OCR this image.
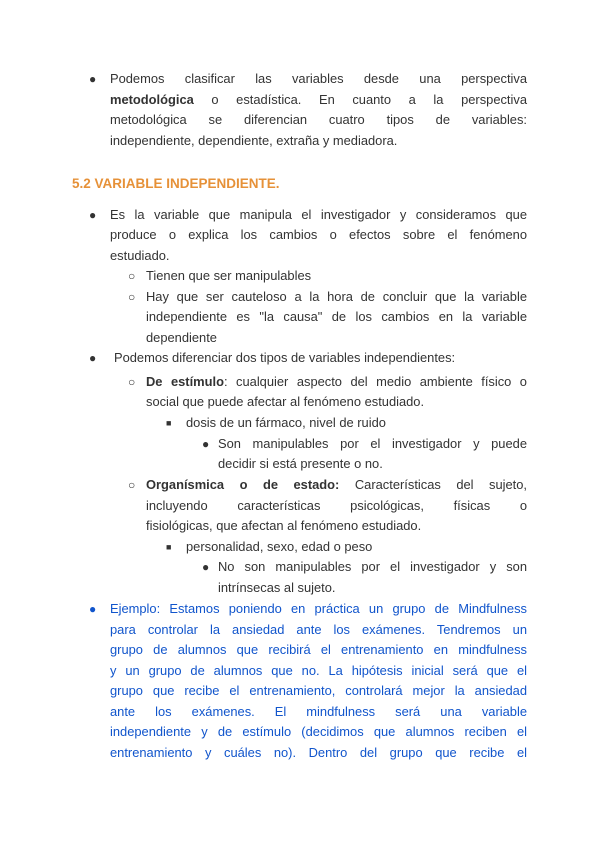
● Podemos clasificar las variables desde una perspectiva
metodológica o estadística. En cuanto a la perspectiva
metodológica se diferencian cuatro tipos de variables:
independiente, dependiente, extraña y mediadora.
5.2 VARIABLE INDEPENDIENTE.
● Es la variable que manipula el investigador y consideramos que
produce o explica los cambios o efectos sobre el fenómeno
estudiado.
○ Tienen que ser manipulables
○ Hay que ser cauteloso a la hora de concluir que la variable
independiente es "la causa" de los cambios en la variable
dependiente
● Podemos diferenciar dos tipos de variables independientes:
○ De estímulo: cualquier aspecto del medio ambiente físico o
social que puede afectar al fenómeno estudiado.
■ dosis de un fármaco, nivel de ruido
● Son manipulables por el investigador y puede
decidir si está presente o no.
○ Organísmica o de estado: Características del sujeto,
incluyendo características psicológicas, físicas o
fisiológicas, que afectan al fenómeno estudiado.
■ personalidad, sexo, edad o peso
● No son manipulables por el investigador y son
intrínsecas al sujeto.
● Ejemplo: Estamos poniendo en práctica un grupo de Mindfulness
para controlar la ansiedad ante los exámenes. Tendremos un
grupo de alumnos que recibirá el entrenamiento en mindfulness
y un grupo de alumnos que no. La hipótesis inicial será que el
grupo que recibe el entrenamiento, controlará mejor la ansiedad
ante los exámenes. El mindfulness será una variable
independiente y de estímulo (decidimos que alumnos reciben el
entrenamiento y cuáles no). Dentro del grupo que recibe el
